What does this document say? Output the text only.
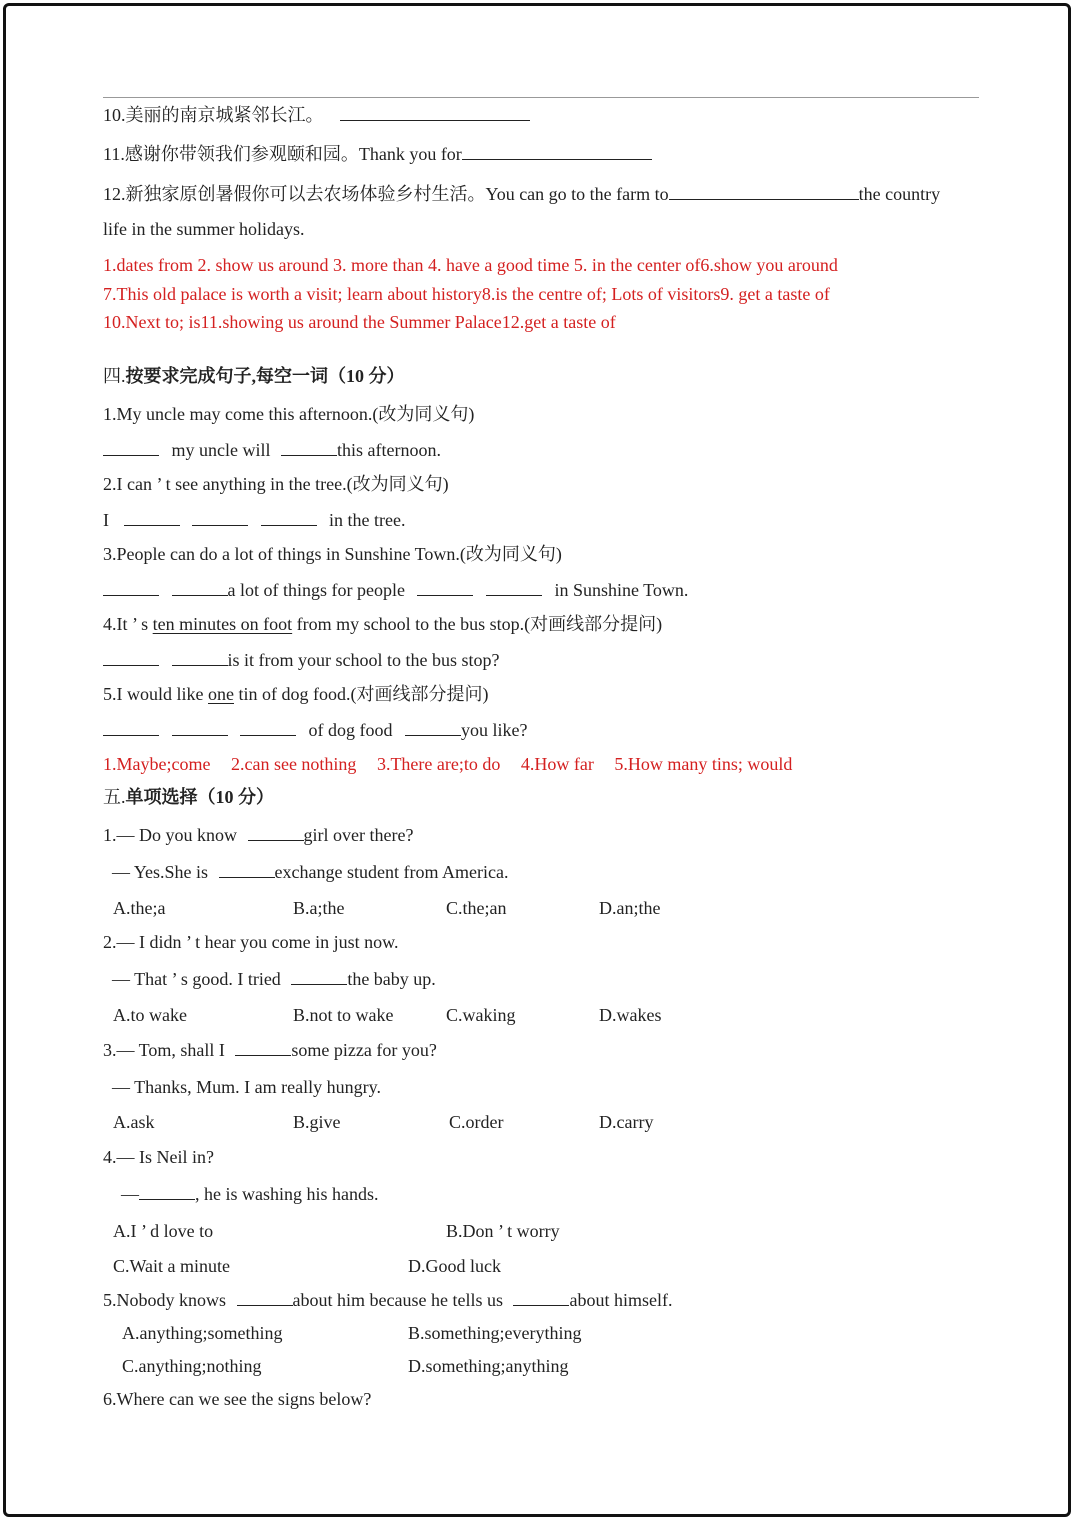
10.美丽的南京城紧邻长江。
11.感谢你带领我们参观颐和园。Thank you for
12.新独家原创暑假你可以去农场体验乡村生活。You can go to the farm to	the country
life in the summer holidays.
1.dates from 2. show us around 3. more than 4. have a good time 5. in the center of6.show you around
7.This old palace is worth a visit; learn about history8.is the centre of; Lots of visitors9. get a taste of
10.Next to; is11.showing us around the Summer Palace12.get a taste of
四.按要求完成句子,每空一词（10 分）
1.My uncle may come this afternoon.(改为同义句)
my uncle will	this afternoon.
2.I can ’ t see anything in the tree.(改为同义句)
I	in the tree.
3.People can do a lot of things in Sunshine Town.(改为同义句)
a lot of things for people	in Sunshine Town.
4.It ’ s ten minutes on foot from my school to the bus stop.(对画线部分提问)
is it from your school to the bus stop?
5.I would like one tin of dog food.(对画线部分提问)
of dog food	you like?
1.Maybe;come 2.can see nothing 3.There are;to do 4.How far 5.How many tins; would
五.单项选择（10 分）
1.— Do you know	girl over there?
— Yes.She is	exchange student from America.
A.the;a	B.a;the	C.the;an	D.an;the
2.— I didn ’ t hear you come in just now.
— That ’ s good. I tried	the baby up.
A.to wake	B.not to wake	C.waking	D.wakes
3.— Tom, shall I	some pizza for you?
— Thanks, Mum. I am really hungry.
A.ask	B.give	C.order	D.carry
4.— Is Neil in?
—	, he is washing his hands.
A.I ’ d love to	B.Don ’ t worry
C.Wait a minute	D.Good luck
5.Nobody knows	about him because he tells us	about himself.
A.anything;something	B.something;everything
C.anything;nothing	D.something;anything
6.Where can we see the signs below?
